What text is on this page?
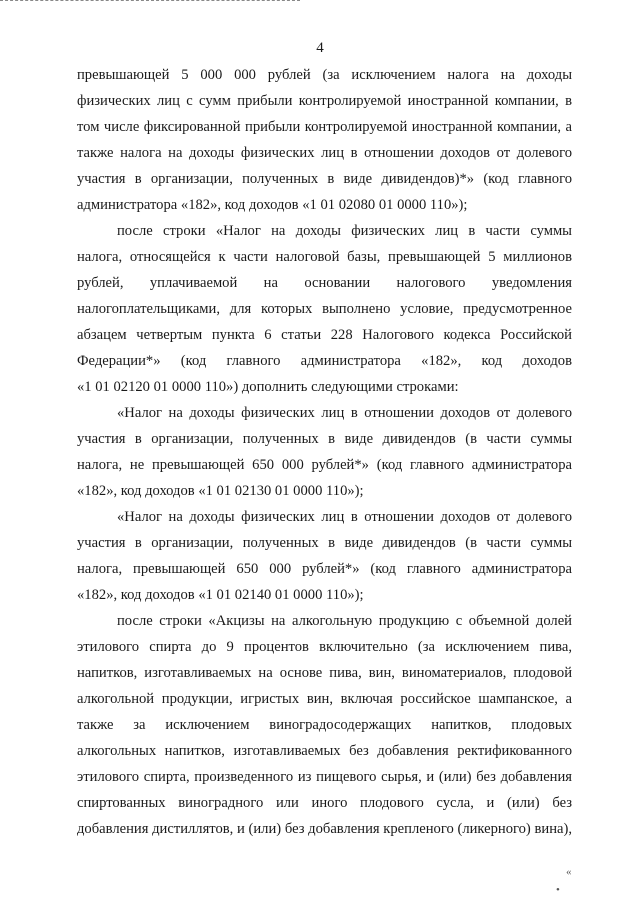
4
превышающей 5 000 000 рублей (за исключением налога на доходы
физических лиц с сумм прибыли контролируемой иностранной компании, в
том числе фиксированной прибыли контролируемой иностранной компании, а
также налога на доходы физических лиц в отношении доходов от долевого
участия в организации, полученных в виде дивидендов)*» (код главного
администратора «182», код доходов «1 01 02080 01 0000 110»);
после строки «Налог на доходы физических лиц в части суммы
налога, относящейся к части налоговой базы, превышающей 5 миллионов
рублей, уплачиваемой на основании налогового уведомления
налогоплательщиками, для которых выполнено условие, предусмотренное
абзацем четвертым пункта 6 статьи 228 Налогового кодекса Российской
Федерации*» (код главного администратора «182», код доходов
«1 01 02120 01 0000 110») дополнить следующими строками:
«Налог на доходы физических лиц в отношении доходов от долевого
участия в организации, полученных в виде дивидендов (в части суммы
налога, не превышающей 650 000 рублей*» (код главного администратора
«182», код доходов «1 01 02130 01 0000 110»);
«Налог на доходы физических лиц в отношении доходов от долевого
участия в организации, полученных в виде дивидендов (в части суммы
налога, превышающей 650 000 рублей*» (код главного администратора
«182», код доходов «1 01 02140 01 0000 110»);
после строки «Акцизы на алкогольную продукцию с объемной долей
этилового спирта до 9 процентов включительно (за исключением пива,
напитков, изготавливаемых на основе пива, вин, виноматериалов, плодовой
алкогольной продукции, игристых вин, включая российское шампанское, а
также за исключением виноградосодержащих напитков, плодовых
алкогольных напитков, изготавливаемых без добавления ректификованного
этилового спирта, произведенного из пищевого сырья, и (или) без добавления
спиртованных виноградного или иного плодового сусла, и (или) без
добавления дистиллятов, и (или) без добавления крепленого (ликерного) вина),
«
•
